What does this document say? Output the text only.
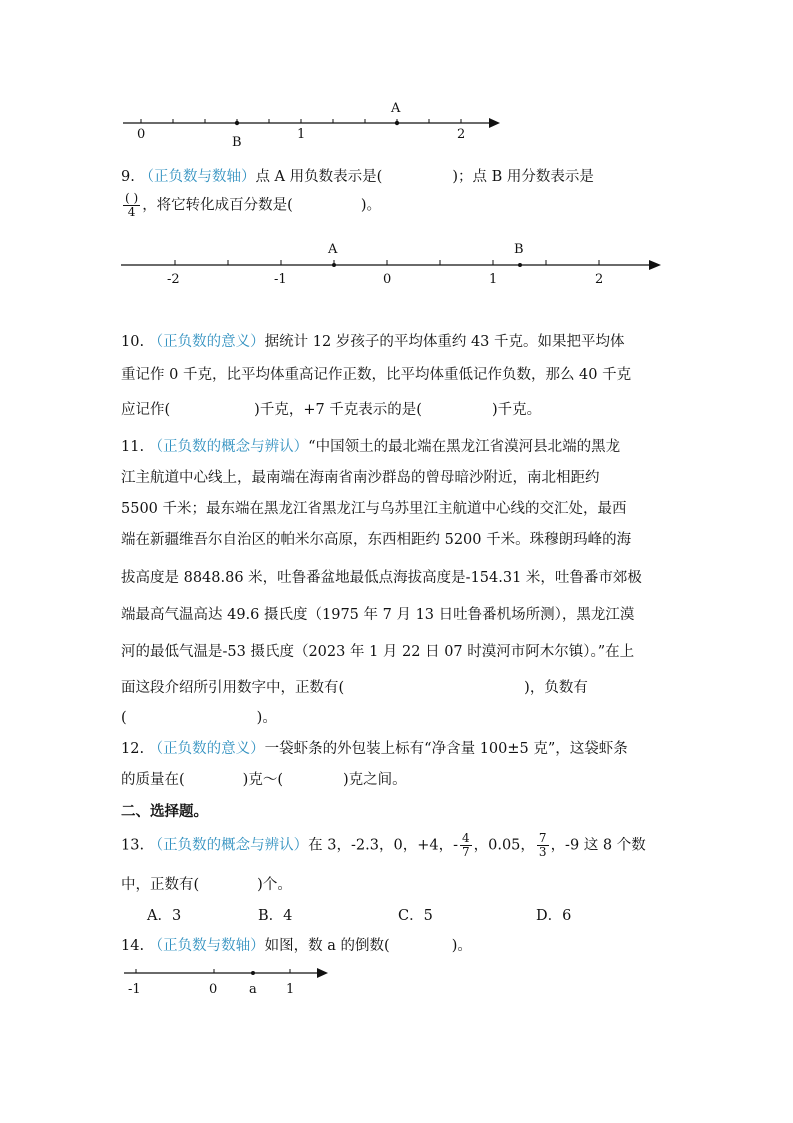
0	1	2
A
B
9. （正负数与数轴）点 A 用负数表示是(	)；点 B 用分数表示是
$\frac{( )}{4}$ ，将它转化成百分数是(	)。
A	B
-2	-1	0	1	2
10. （正负数的意义）据统计 12 岁孩子的平均体重约 43 千克。如果把平均体
重记作 0 千克，比平均体重高记作正数，比平均体重低记作负数，那么 40 千克
应记作(	)千克，+7 千克表示的是(	)千克。
11. （正负数的概念与辨认）“中国领土的最北端在黑龙江省漠河县北端的黑龙
江主航道中心线上，最南端在海南省南沙群岛的曾母暗沙附近，南北相距约
5500 千米；最东端在黑龙江省黑龙江与乌苏里江主航道中心线的交汇处，最西
端在新疆维吾尔自治区的帕米尔高原，东西相距约 5200 千米。珠穆朗玛峰的海
拔高度是 8848.86 米，吐鲁番盆地最低点海拔高度是-154.31 米，吐鲁番市郊极
端最高气温高达 49.6 摄氏度（1975 年 7 月 13 日吐鲁番机场所测），黑龙江漠
河的最低气温是-53 摄氏度（2023 年 1 月 22 日 07 时漠河市阿木尔镇）。”在上
面这段介绍所引用数字中，正数有(	)，负数有
(	)。
12. （正负数的意义）一袋虾条的外包装上标有“净含量 100±5 克”，这袋虾条
的质量在(	)克～(	)克之间。
二、选择题。
13. （正负数的概念与辨认）在 3，-2.3，0，+4，- $\frac{4}{7}$ ，0.05， $\frac{7}{3}$ ，-9 这 8 个数
中，正数有(	)个。
A．3	B．4	C．5	D．6
14. （正负数与数轴）如图，数 a 的倒数(	)。
-1	0 a 1
